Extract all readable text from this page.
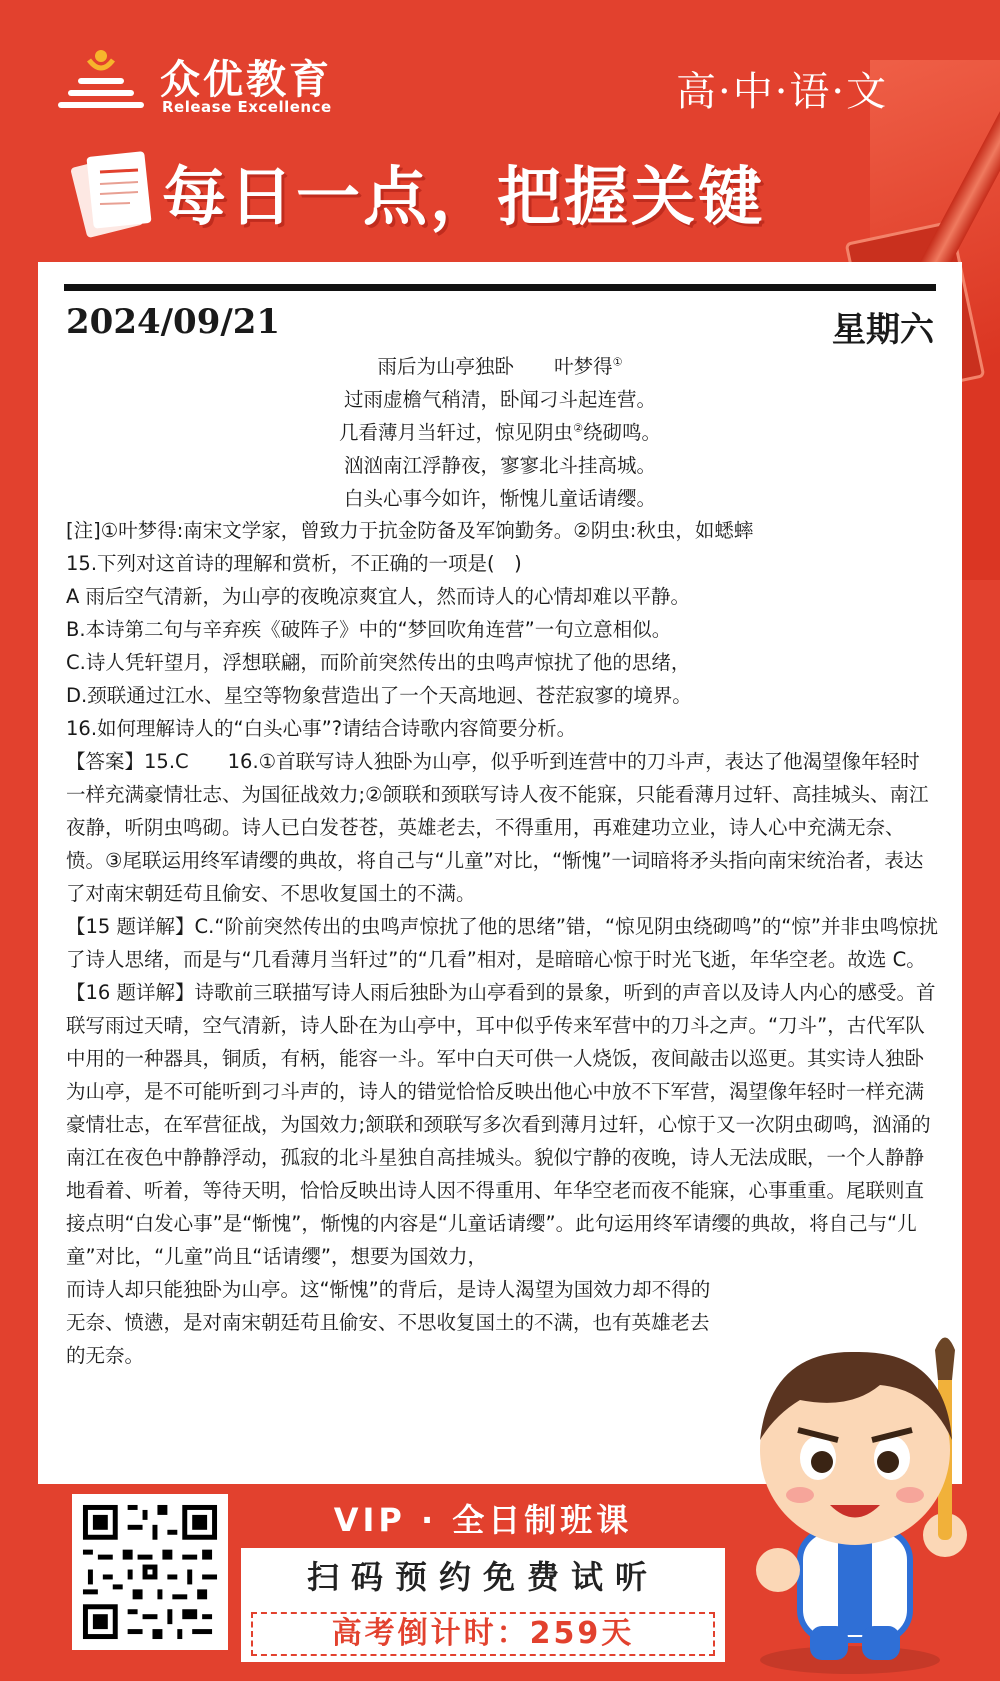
众优教育
Release Excellence	高·中·语·文
每日一点，把握关键
2024/09/21	星期六
雨后为山亭独卧 叶梦得①
过雨虚檐气稍清，卧闻刁斗起连营。
几看薄月当轩过，惊见阴虫②绕砌鸣。
汹汹南江浮静夜，寥寥北斗挂高城。
白头心事今如许，惭愧儿童话请缨。

[注]①叶梦得:南宋文学家，曾致力于抗金防备及军饷勤务。②阴虫:秋虫，如蟋蟀

15.下列对这首诗的理解和赏析，不正确的一项是(　)

A 雨后空气清新，为山亭的夜晚凉爽宜人，然而诗人的心情却难以平静。

B.本诗第二句与辛弃疾《破阵子》中的“梦回吹角连营”一句立意相似。

C.诗人凭轩望月，浮想联翩，而阶前突然传出的虫鸣声惊扰了他的思绪，

D.颈联通过江水、星空等物象营造出了一个天高地迥、苍茫寂寥的境界。

16.如何理解诗人的“白头心事”?请结合诗歌内容简要分析。

【答案】15.C　　16.①首联写诗人独卧为山亭，似乎听到连营中的刀斗声，表达了他渴望像年轻时一样充满豪情壮志、为国征战效力;②颌联和颈联写诗人夜不能寐，只能看薄月过轩、高挂城头、南江夜静，听阴虫鸣砌。诗人已白发苍苍，英雄老去，不得重用，再难建功立业，诗人心中充满无奈、愤。③尾联运用终军请缨的典故，将自己与“儿童”对比，“惭愧”一词暗将矛头指向南宋统治者，表达了对南宋朝廷苟且偷安、不思收复国土的不满。

【15 题详解】C.“阶前突然传出的虫鸣声惊扰了他的思绪”错，“惊见阴虫绕砌鸣”的“惊”并非虫鸣惊扰了诗人思绪，而是与“几看薄月当轩过”的“几看”相对，是暗暗心惊于时光飞逝，年华空老。故选 C。

【16 题详解】诗歌前三联描写诗人雨后独卧为山亭看到的景象，听到的声音以及诗人内心的感受。首联写雨过天晴，空气清新，诗人卧在为山亭中，耳中似乎传来军营中的刀斗之声。“刀斗”，古代军队中用的一种器具，铜质，有柄，能容一斗。军中白天可供一人烧饭，夜间敲击以巡更。其实诗人独卧为山亭，是不可能听到刁斗声的，诗人的错觉恰恰反映出他心中放不下军营，渴望像年轻时一样充满豪情壮志，在军营征战，为国效力;颔联和颈联写多次看到薄月过轩，心惊于又一次阴虫砌鸣，汹涌的南江在夜色中静静浮动，孤寂的北斗星独自高挂城头。貌似宁静的夜晚，诗人无法成眠，一个人静静地看着、听着，等待天明，恰恰反映出诗人因不得重用、年华空老而夜不能寐，心事重重。尾联则直接点明“白发心事”是“惭愧”，惭愧的内容是“儿童话请缨”。此句运用终军请缨的典故，将自己与“儿童”对比，“儿童”尚且“话请缨”，想要为国效力，

而诗人却只能独卧为山亭。这“惭愧”的背后，是诗人渴望为国效力却不得的无奈、愤懑，是对南宋朝廷苟且偷安、不思收复国土的不满，也有英雄老去的无奈。

VIP · 全日制班课
扫码预约免费试听
高考倒计时：259天
